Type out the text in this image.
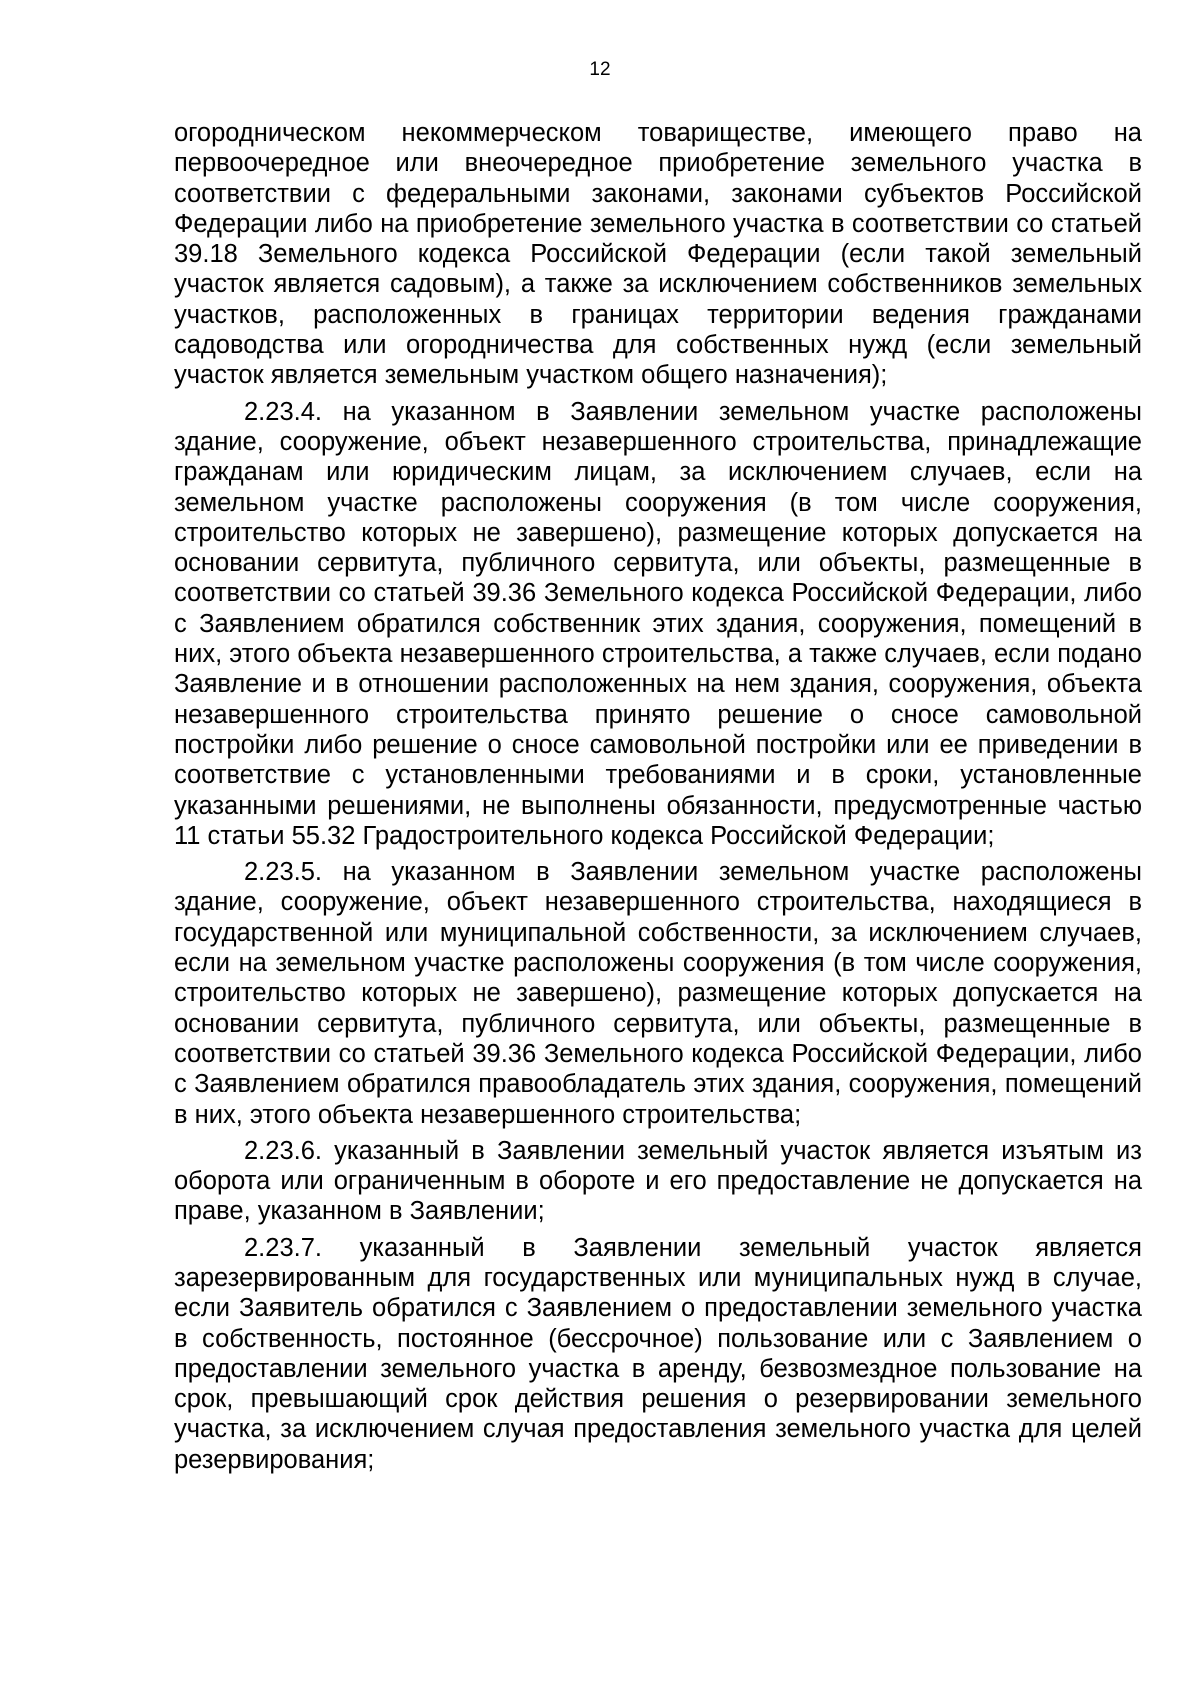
12

огородническом некоммерческом товариществе, имеющего право на первоочередное или внеочередное приобретение земельного участка в соответствии с федеральными законами, законами субъектов Российской Федерации либо на приобретение земельного участка в соответствии со статьей 39.18 Земельного кодекса Российской Федерации (если такой земельный участок является садовым), а также за исключением собственников земельных участков, расположенных в границах территории ведения гражданами садоводства или огородничества для собственных нужд (если земельный участок является земельным участком общего назначения);

2.23.4. на указанном в Заявлении земельном участке расположены здание, сооружение, объект незавершенного строительства, принадлежащие гражданам или юридическим лицам, за исключением случаев, если на земельном участке расположены сооружения (в том числе сооружения, строительство которых не завершено), размещение которых допускается на основании сервитута, публичного сервитута, или объекты, размещенные в соответствии со статьей 39.36 Земельного кодекса Российской Федерации, либо с Заявлением обратился собственник этих здания, сооружения, помещений в них, этого объекта незавершенного строительства, а также случаев, если подано Заявление и в отношении расположенных на нем здания, сооружения, объекта незавершенного строительства принято решение о сносе самовольной постройки либо решение о сносе самовольной постройки или ее приведении в соответствие с установленными требованиями и в сроки, установленные указанными решениями, не выполнены обязанности, предусмотренные частью 11 статьи 55.32 Градостроительного кодекса Российской Федерации;

2.23.5. на указанном в Заявлении земельном участке расположены здание, сооружение, объект незавершенного строительства, находящиеся в государственной или муниципальной собственности, за исключением случаев, если на земельном участке расположены сооружения (в том числе сооружения, строительство которых не завершено), размещение которых допускается на основании сервитута, публичного сервитута, или объекты, размещенные в соответствии со статьей 39.36 Земельного кодекса Российской Федерации, либо с Заявлением обратился правообладатель этих здания, сооружения, помещений в них, этого объекта незавершенного строительства;

2.23.6. указанный в Заявлении земельный участок является изъятым из оборота или ограниченным в обороте и его предоставление не допускается на праве, указанном в Заявлении;

2.23.7. указанный в Заявлении земельный участок является зарезервированным для государственных или муниципальных нужд в случае, если Заявитель обратился с Заявлением о предоставлении земельного участка в собственность, постоянное (бессрочное) пользование или с Заявлением о предоставлении земельного участка в аренду, безвозмездное пользование на срок, превышающий срок действия решения о резервировании земельного участка, за исключением случая предоставления земельного участка для целей резервирования;
